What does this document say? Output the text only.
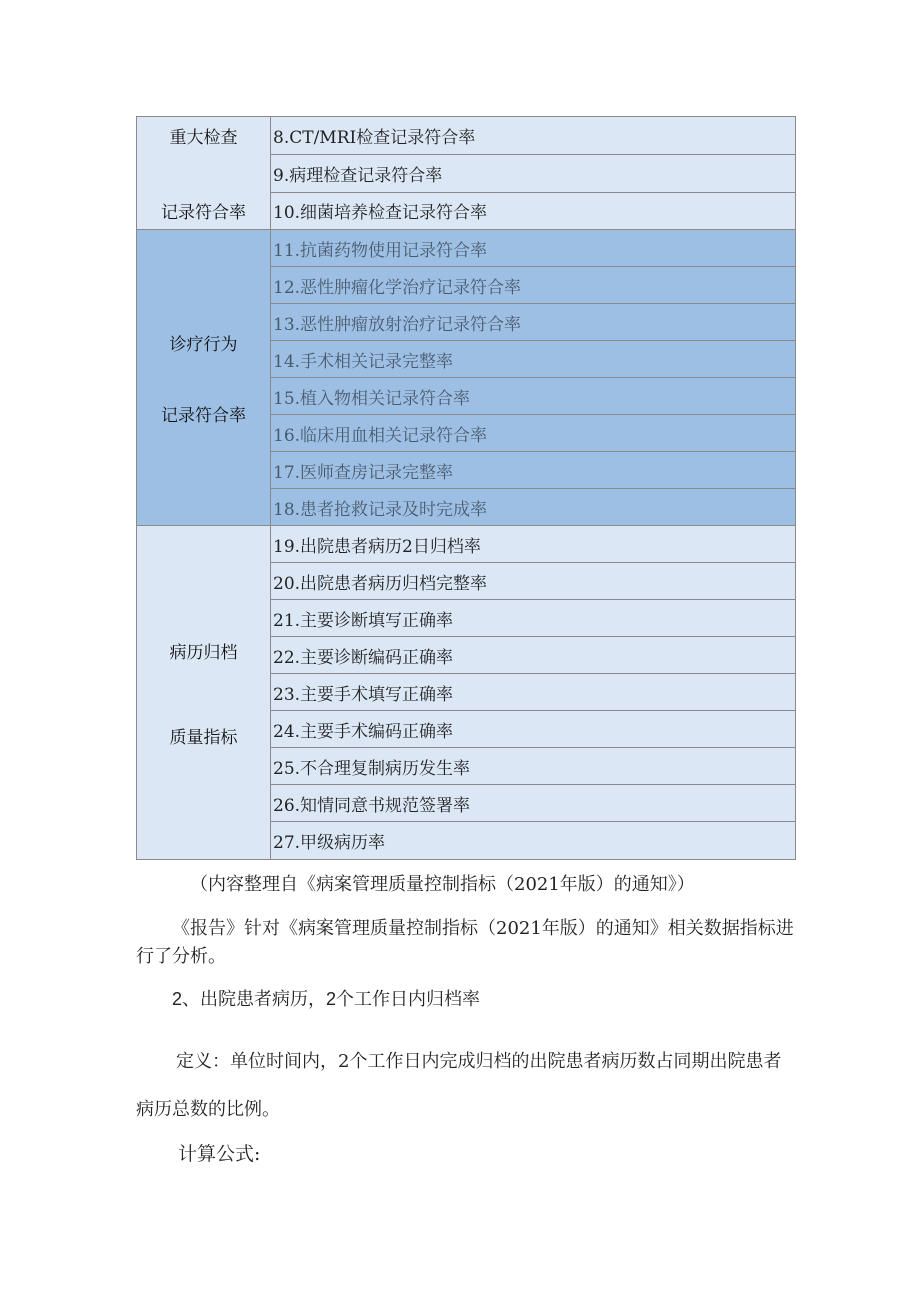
重大检查
记录符合率	8.CT/MRI检查记录符合率
	9.病理检查记录符合率
	10.细菌培养检查记录符合率

诊疗行为
记录符合率	11.抗菌药物使用记录符合率
	12.恶性肿瘤化学治疗记录符合率
	13.恶性肿瘤放射治疗记录符合率
	14.手术相关记录完整率
	15.植入物相关记录符合率
	16.临床用血相关记录符合率
	17.医师查房记录完整率
	18.患者抢救记录及时完成率

病历归档
质量指标	19.出院患者病历2日归档率
	20.出院患者病历归档完整率
	21.主要诊断填写正确率
	22.主要诊断编码正确率
	23.主要手术填写正确率
	24.主要手术编码正确率
	25.不合理复制病历发生率
	26.知情同意书规范签署率
	27.甲级病历率
（内容整理自《病案管理质量控制指标（2021年版）的通知》）

《报告》针对《病案管理质量控制指标（2021年版）的通知》相关数据指标进行了分析。

2、出院患者病历，2个工作日内归档率

定义：单位时间内，2个工作日内完成归档的出院患者病历数占同期出院患者病历总数的比例。

计算公式:
